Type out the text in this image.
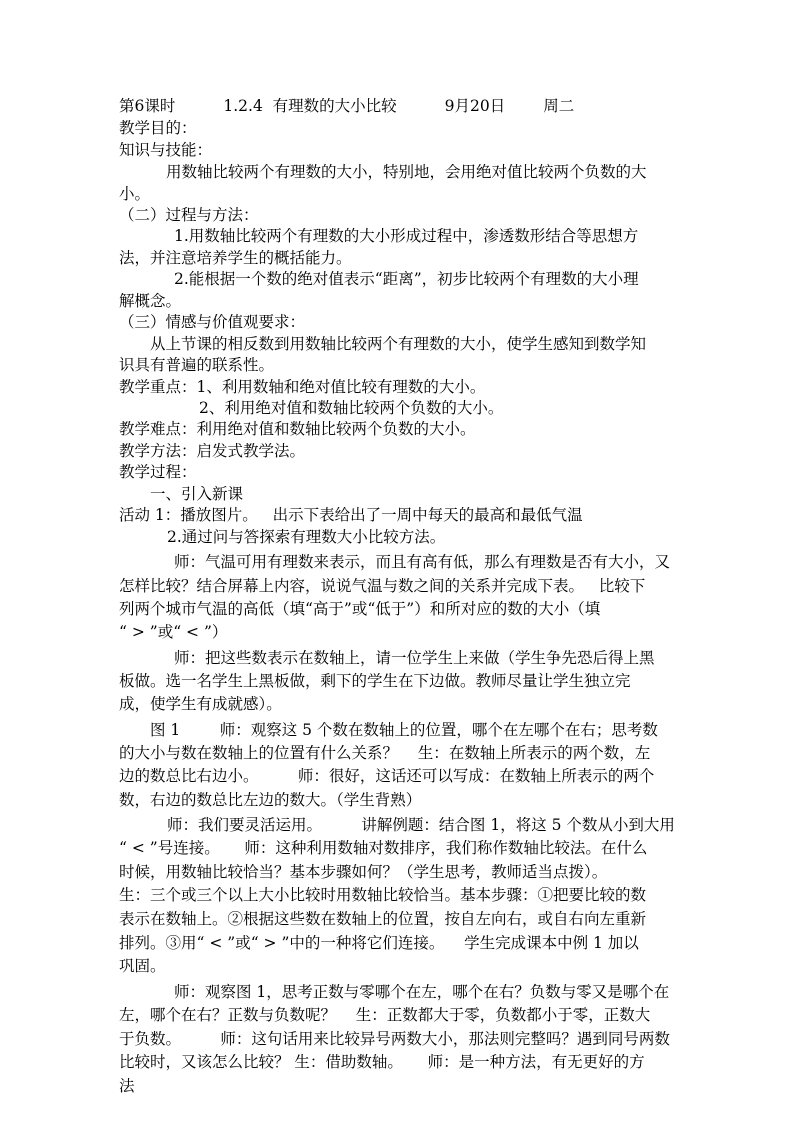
第6课时	1.2.4  有理数的大小比较	9月20日 周二
教学目的：
知识与技能：
用数轴比较两个有理数的大小，特别地，会用绝对值比较两个负数的大
小。
（二）过程与方法：
1.用数轴比较两个有理数的大小形成过程中，渗透数形结合等思想方
法，并注意培养学生的概括能力。
2.能根据一个数的绝对值表示“距离”，初步比较两个有理数的大小理
解概念。
（三）情感与价值观要求：
从上节课的相反数到用数轴比较两个有理数的大小，使学生感知到数学知
识具有普遍的联系性。
教学重点：1、利用数轴和绝对值比较有理数的大小。
2、利用绝对值和数轴比较两个负数的大小。
教学难点：利用绝对值和数轴比较两个负数的大小。
教学方法：启发式教学法。
教学过程：
一、引入新课
活动 1：播放图片。   出示下表给出了一周中每天的最高和最低气温
2.通过问与答探索有理数大小比较方法。
师：气温可用有理数来表示，而且有高有低，那么有理数是否有大小，又
怎样比较？结合屏幕上内容，说说气温与数之间的关系并完成下表。   比较下
列两个城市气温的高低（填“高于”或“低于”）和所对应的数的大小（填
“ > ”或“ < ”）
师：把这些数表示在数轴上，请一位学生上来做（学生争先恐后得上黑
板做。选一名学生上黑板做，剩下的学生在下边做。教师尽量让学生独立完
成，使学生有成就感）。
图 1        师：观察这 5 个数在数轴上的位置，哪个在左哪个在右；思考数
的大小与数在数轴上的位置有什么关系？    生：在数轴上所表示的两个数，左
边的数总比右边小。        师：很好，这话还可以写成：在数轴上所表示的两个
数，右边的数总比左边的数大。（学生背熟）
师：我们要灵活运用。        讲解例题：结合图 1，将这 5 个数从小到大用
“ < ”号连接。     师：这种利用数轴对数排序，我们称作数轴比较法。在什么
时候，用数轴比较恰当？基本步骤如何？（学生思考，教师适当点拨）。
生：三个或三个以上大小比较时用数轴比较恰当。基本步骤：①把要比较的数
表示在数轴上。②根据这些数在数轴上的位置，按自左向右，或自右向左重新
排列。③用“ < ”或“ > ”中的一种将它们连接。    学生完成课本中例 1 加以
巩固。
师：观察图 1，思考正数与零哪个在左，哪个在右？负数与零又是哪个在
左，哪个在右？正数与负数呢？    生：正数都大于零，负数都小于零，正数大
于负数。        师：这句话用来比较异号两数大小，那法则完整吗？遇到同号两数
比较时，又该怎么比较？ 生：借助数轴。     师：是一种方法，有无更好的方
法
